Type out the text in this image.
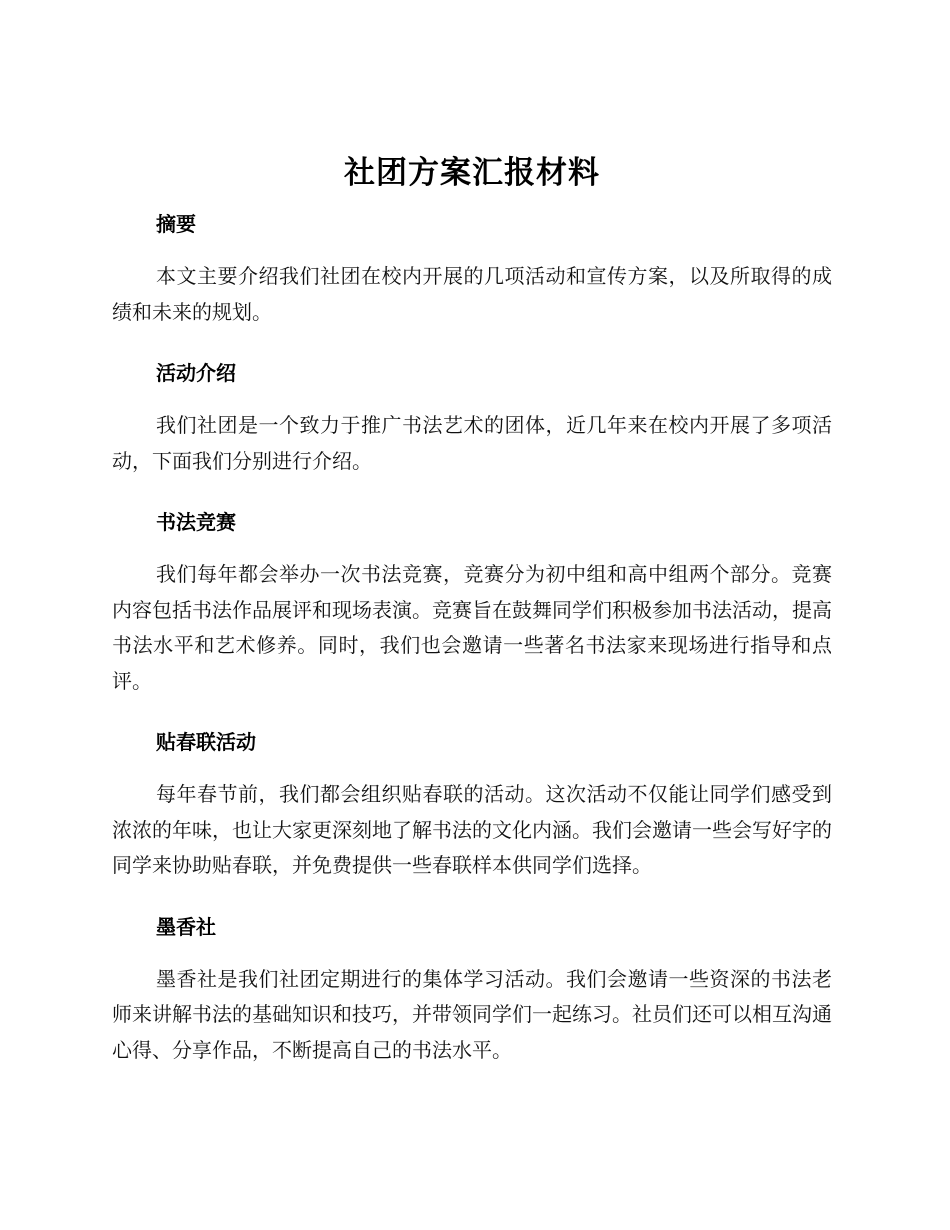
社团方案汇报材料
摘要

本文主要介绍我们社团在校内开展的几项活动和宣传方案，以及所取得的成绩和未来的规划。

活动介绍

我们社团是一个致力于推广书法艺术的团体，近几年来在校内开展了多项活动，下面我们分别进行介绍。

书法竞赛

我们每年都会举办一次书法竞赛，竞赛分为初中组和高中组两个部分。竞赛内容包括书法作品展评和现场表演。竞赛旨在鼓舞同学们积极参加书法活动，提高书法水平和艺术修养。同时，我们也会邀请一些著名书法家来现场进行指导和点评。

贴春联活动

每年春节前，我们都会组织贴春联的活动。这次活动不仅能让同学们感受到浓浓的年味，也让大家更深刻地了解书法的文化内涵。我们会邀请一些会写好字的同学来协助贴春联，并免费提供一些春联样本供同学们选择。

墨香社

墨香社是我们社团定期进行的集体学习活动。我们会邀请一些资深的书法老师来讲解书法的基础知识和技巧，并带领同学们一起练习。社员们还可以相互沟通心得、分享作品，不断提高自己的书法水平。
